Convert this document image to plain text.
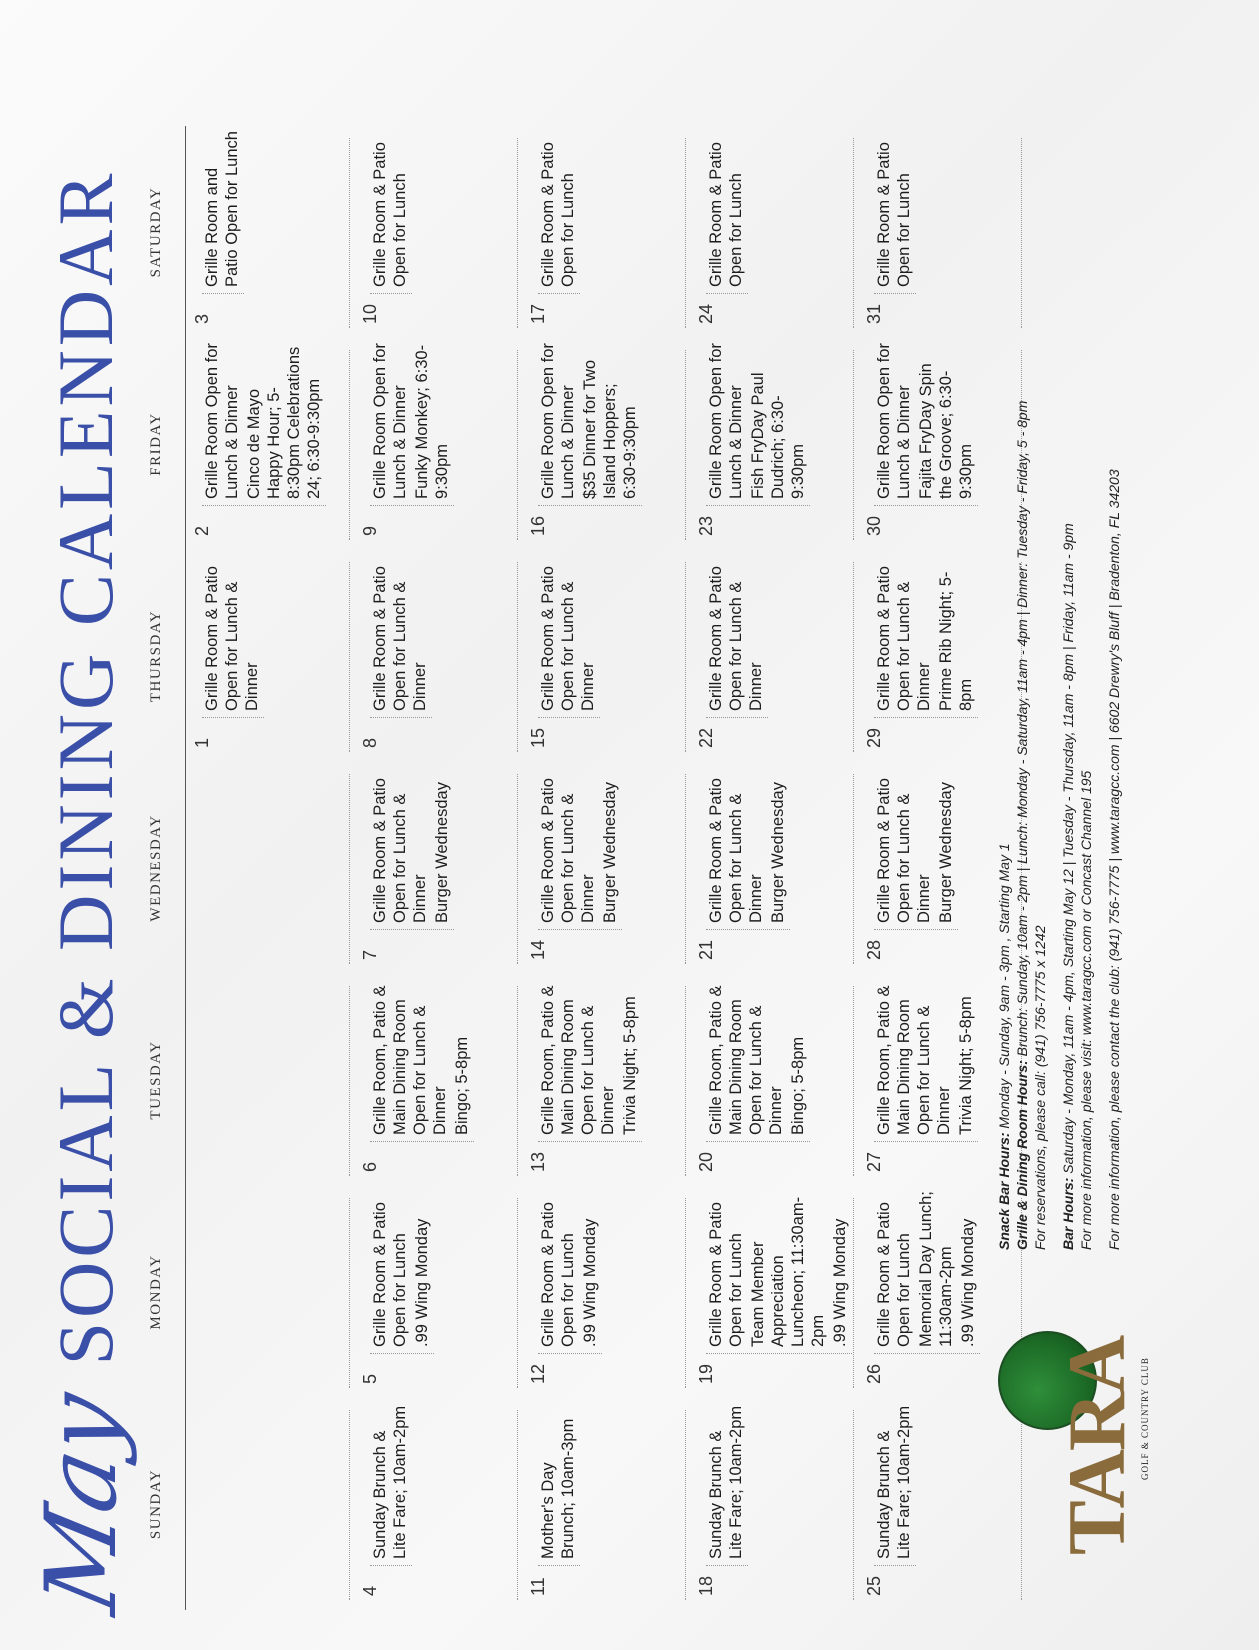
May SOCIAL & DINING CALENDAR
SUNDAY
MONDAY
TUESDAY
WEDNESDAY
THURSDAY
FRIDAY
SATURDAY
1
Grille Room & Patio Open for Lunch & Dinner
2
Grille Room Open for Lunch & Dinner Cinco de Mayo Happy Hour; 5-8:30pm Celebrations 24; 6:30-9:30pm
3
Grille Room and Patio Open for Lunch
4
Sunday Brunch & Lite Fare; 10am-2pm
5
Grille Room & Patio Open for Lunch .99 Wing Monday
6
Grille Room, Patio & Main Dining Room Open for Lunch & Dinner Bingo; 5-8pm
7
Grille Room & Patio Open for Lunch & Dinner Burger Wednesday
8
Grille Room & Patio Open for Lunch & Dinner
9
Grille Room Open for Lunch & Dinner Funky Monkey; 6:30-9:30pm
10
Grille Room & Patio Open for Lunch
11
Mother's Day Brunch; 10am-3pm
12
Grille Room & Patio Open for Lunch .99 Wing Monday
13
Grille Room, Patio & Main Dining Room Open for Lunch & Dinner Trivia Night; 5-8pm
14
Grille Room & Patio Open for Lunch & Dinner Burger Wednesday
15
Grille Room & Patio Open for Lunch & Dinner
16
Grille Room Open for Lunch & Dinner $35 Dinner for Two Island Hoppers; 6:30-9:30pm
17
Grille Room & Patio Open for Lunch
18
Sunday Brunch & Lite Fare; 10am-2pm
19
Grille Room & Patio Open for Lunch Team Member Appreciation Luncheon; 11:30am-2pm .99 Wing Monday
20
Grille Room, Patio & Main Dining Room Open for Lunch & Dinner Bingo; 5-8pm
21
Grille Room & Patio Open for Lunch & Dinner Burger Wednesday
22
Grille Room & Patio Open for Lunch & Dinner
23
Grille Room Open for Lunch & Dinner Fish FryDay Paul Dudrich; 6:30-9:30pm
24
Grille Room & Patio Open for Lunch
25
Sunday Brunch & Lite Fare; 10am-2pm
26
Grille Room & Patio Open for Lunch Memorial Day Lunch; 11:30am-2pm .99 Wing Monday
27
Grille Room, Patio & Main Dining Room Open for Lunch & Dinner Trivia Night; 5-8pm
28
Grille Room & Patio Open for Lunch & Dinner Burger Wednesday
29
Grille Room & Patio Open for Lunch & Dinner Prime Rib Night; 5-8pm
30
Grille Room Open for Lunch & Dinner Fajita FryDay Spin the Groove; 6:30-9:30pm
31
Grille Room & Patio Open for Lunch
TARA
GOLF & COUNTRY CLUB
Snack Bar Hours: Monday - Sunday, 9am - 3pm , Starting May 1
Grille & Dining Room Hours: Brunch: Sunday, 10am - 2pm | Lunch: Monday - Saturday, 11am - 4pm | Dinner: Tuesday - Friday, 5 - 8pm
For reservations, please call: (941) 756-7775 x 1242 Bar Hours: Saturday - Monday, 11am - 4pm, Starting May 12 | Tuesday - Thursday, 11am - 8pm | Friday, 11am - 9pm For more information, please visit: www.taragcc.com or Concast Channel 195 For more information, please contact the club: (941) 756-7775 | www.taragcc.com | 6602 Drewry's Bluff | Bradenton, FL 34203
